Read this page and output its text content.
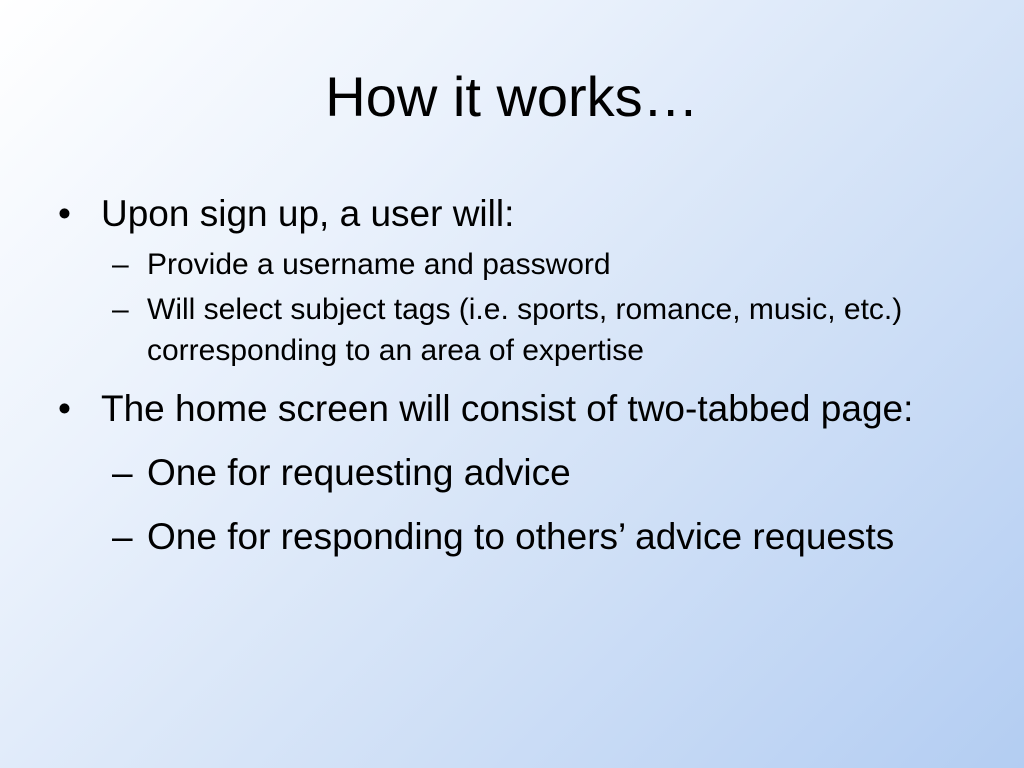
How it works…
• Upon sign up, a user will:
– Provide a username and password
– Will select subject tags (i.e. sports, romance, music, etc.) corresponding to an area of expertise
• The home screen will consist of two-tabbed page:
– One for requesting advice
– One for responding to others’ advice requests
